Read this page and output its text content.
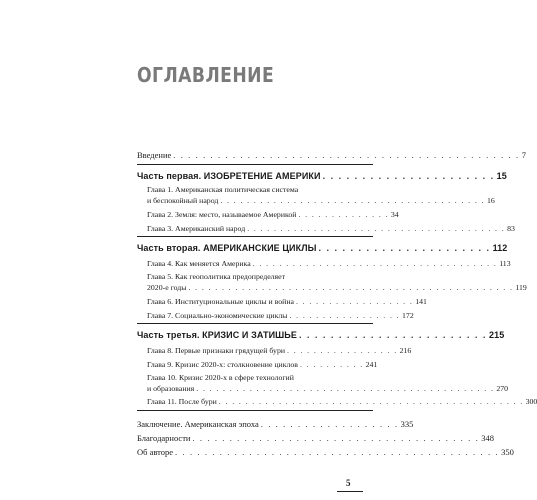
ОГЛАВЛЕНИЕ
Введение . . . . . . . . . . . . . . . . . . . . . . . . . . . . . . . . . . . . . . . . . . . . . . . 7
Часть первая. ИЗОБРЕТЕНИЕ АМЕРИКИ . . . . . . . . . . . . . . . . . . . . . . 15
Глава 1. Американская политическая система
и беспокойный народ . . . . . . . . . . . . . . . . . . . . . . . . . . . . . . . . . . . . . . . . 16
Глава 2. Земля: место, называемое Америкой . . . . . . . . . . . . . . 34
Глава 3. Американский народ . . . . . . . . . . . . . . . . . . . . . . . . . . . . . . . . . . . . . . . 83
Часть вторая. АМЕРИКАНСКИЕ ЦИКЛЫ . . . . . . . . . . . . . . . . . . . . . . 112
Глава 4. Как меняется Америка . . . . . . . . . . . . . . . . . . . . . . . . . . . . . . . . . . . . . 113
Глава 5. Как геополитика предопределяет
2020-е годы . . . . . . . . . . . . . . . . . . . . . . . . . . . . . . . . . . . . . . . . . . . . . . . . . 119
Глава 6. Институциональные циклы и война . . . . . . . . . . . . . . . . . . 141
Глава 7. Социально-экономические циклы . . . . . . . . . . . . . . . . . 172
Часть третья. КРИЗИС И ЗАТИШЬЕ . . . . . . . . . . . . . . . . . . . . . . . . 215
Глава 8. Первые признаки грядущей бури . . . . . . . . . . . . . . . . . 216
Глава 9. Кризис 2020-х: столкновение циклов . . . . . . . . . . 241
Глава 10. Кризис 2020-х в сфере технологий
и образования . . . . . . . . . . . . . . . . . . . . . . . . . . . . . . . . . . . . . . . . . . . . . 270
Глава 11. После бури . . . . . . . . . . . . . . . . . . . . . . . . . . . . . . . . . . . . . . . . . . . . . . 300
Заключение. Американская эпоха . . . . . . . . . . . . . . . . . . . 335
Благодарности . . . . . . . . . . . . . . . . . . . . . . . . . . . . . . . . . . . . . . . 348
Об авторе . . . . . . . . . . . . . . . . . . . . . . . . . . . . . . . . . . . . . . . . . . . . 350
5
